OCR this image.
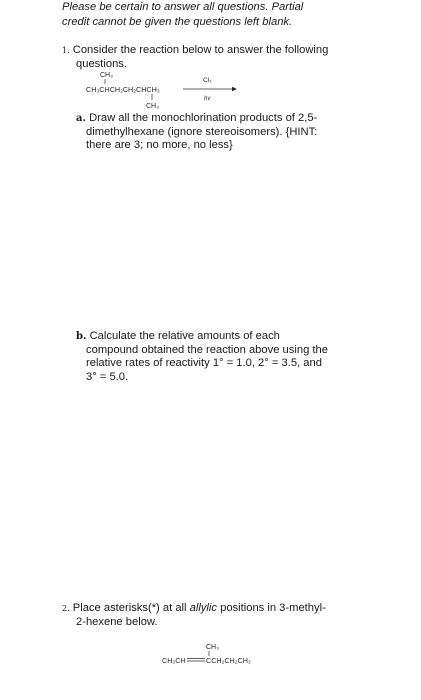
Please be certain to answer all questions. Partial
credit cannot be given the questions left blank.
1. Consider the reaction below to answer the following
questions.
CH₃
CH₃CHCH₂CH₂CHCH₃
CH₃
Cl₂
hv
a. Draw all the monochlorination products of 2,5-
dimethylhexane (ignore stereoisomers). {HINT:
there are 3; no more, no less}
b. Calculate the relative amounts of each
compound obtained the reaction above using the
relative rates of reactivity 1° = 1.0, 2° = 3.5, and
3° = 5.0.
2. Place asterisks(*) at all allylic positions in 3-methyl-
2-hexene below.
CH₃
CH₃CH	CCH₂CH₂CH₃
